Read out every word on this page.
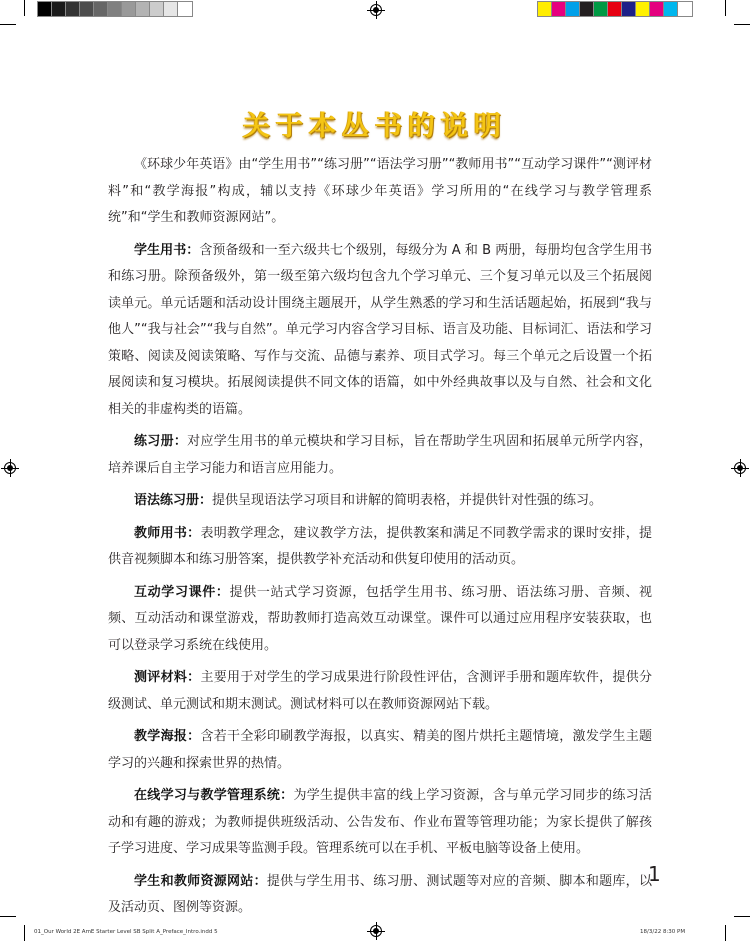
关于本丛书的说明

《环球少年英语》由“学生用书”“练习册”“语法学习册”“教师用书”“互动学习课件”“测评材料”和“教学海报”构成，辅以支持《环球少年英语》学习所用的“在线学习与教学管理系统”和“学生和教师资源网站”。

学生用书：含预备级和一至六级共七个级别，每级分为 A 和 B 两册，每册均包含学生用书和练习册。除预备级外，第一级至第六级均包含九个学习单元、三个复习单元以及三个拓展阅读单元。单元话题和活动设计围绕主题展开，从学生熟悉的学习和生活话题起始，拓展到“我与他人”“我与社会”“我与自然”。单元学习内容含学习目标、语言及功能、目标词汇、语法和学习策略、阅读及阅读策略、写作与交流、品德与素养、项目式学习。每三个单元之后设置一个拓展阅读和复习模块。拓展阅读提供不同文体的语篇，如中外经典故事以及与自然、社会和文化相关的非虚构类的语篇。

练习册：对应学生用书的单元模块和学习目标，旨在帮助学生巩固和拓展单元所学内容，培养课后自主学习能力和语言应用能力。

语法练习册：提供呈现语法学习项目和讲解的简明表格，并提供针对性强的练习。

教师用书：表明教学理念，建议教学方法，提供教案和满足不同教学需求的课时安排，提供音视频脚本和练习册答案，提供教学补充活动和供复印使用的活动页。

互动学习课件：提供一站式学习资源，包括学生用书、练习册、语法练习册、音频、视频、互动活动和课堂游戏，帮助教师打造高效互动课堂。课件可以通过应用程序安装获取，也可以登录学习系统在线使用。

测评材料：主要用于对学生的学习成果进行阶段性评估，含测评手册和题库软件，提供分级测试、单元测试和期末测试。测试材料可以在教师资源网站下载。

教学海报：含若干全彩印刷教学海报，以真实、精美的图片烘托主题情境，激发学生主题学习的兴趣和探索世界的热情。

在线学习与教学管理系统：为学生提供丰富的线上学习资源，含与单元学习同步的练习活动和有趣的游戏；为教师提供班级活动、公告发布、作业布置等管理功能；为家长提供了解孩子学习进度、学习成果等监测手段。管理系统可以在手机、平板电脑等设备上使用。

学生和教师资源网站：提供与学生用书、练习册、测试题等对应的音频、脚本和题库，以及活动页、图例等资源。

1
01_Our World 2E AmE Starter Level SB Split A_Preface_Intro.indd 5	18/3/22 8:30 PM
